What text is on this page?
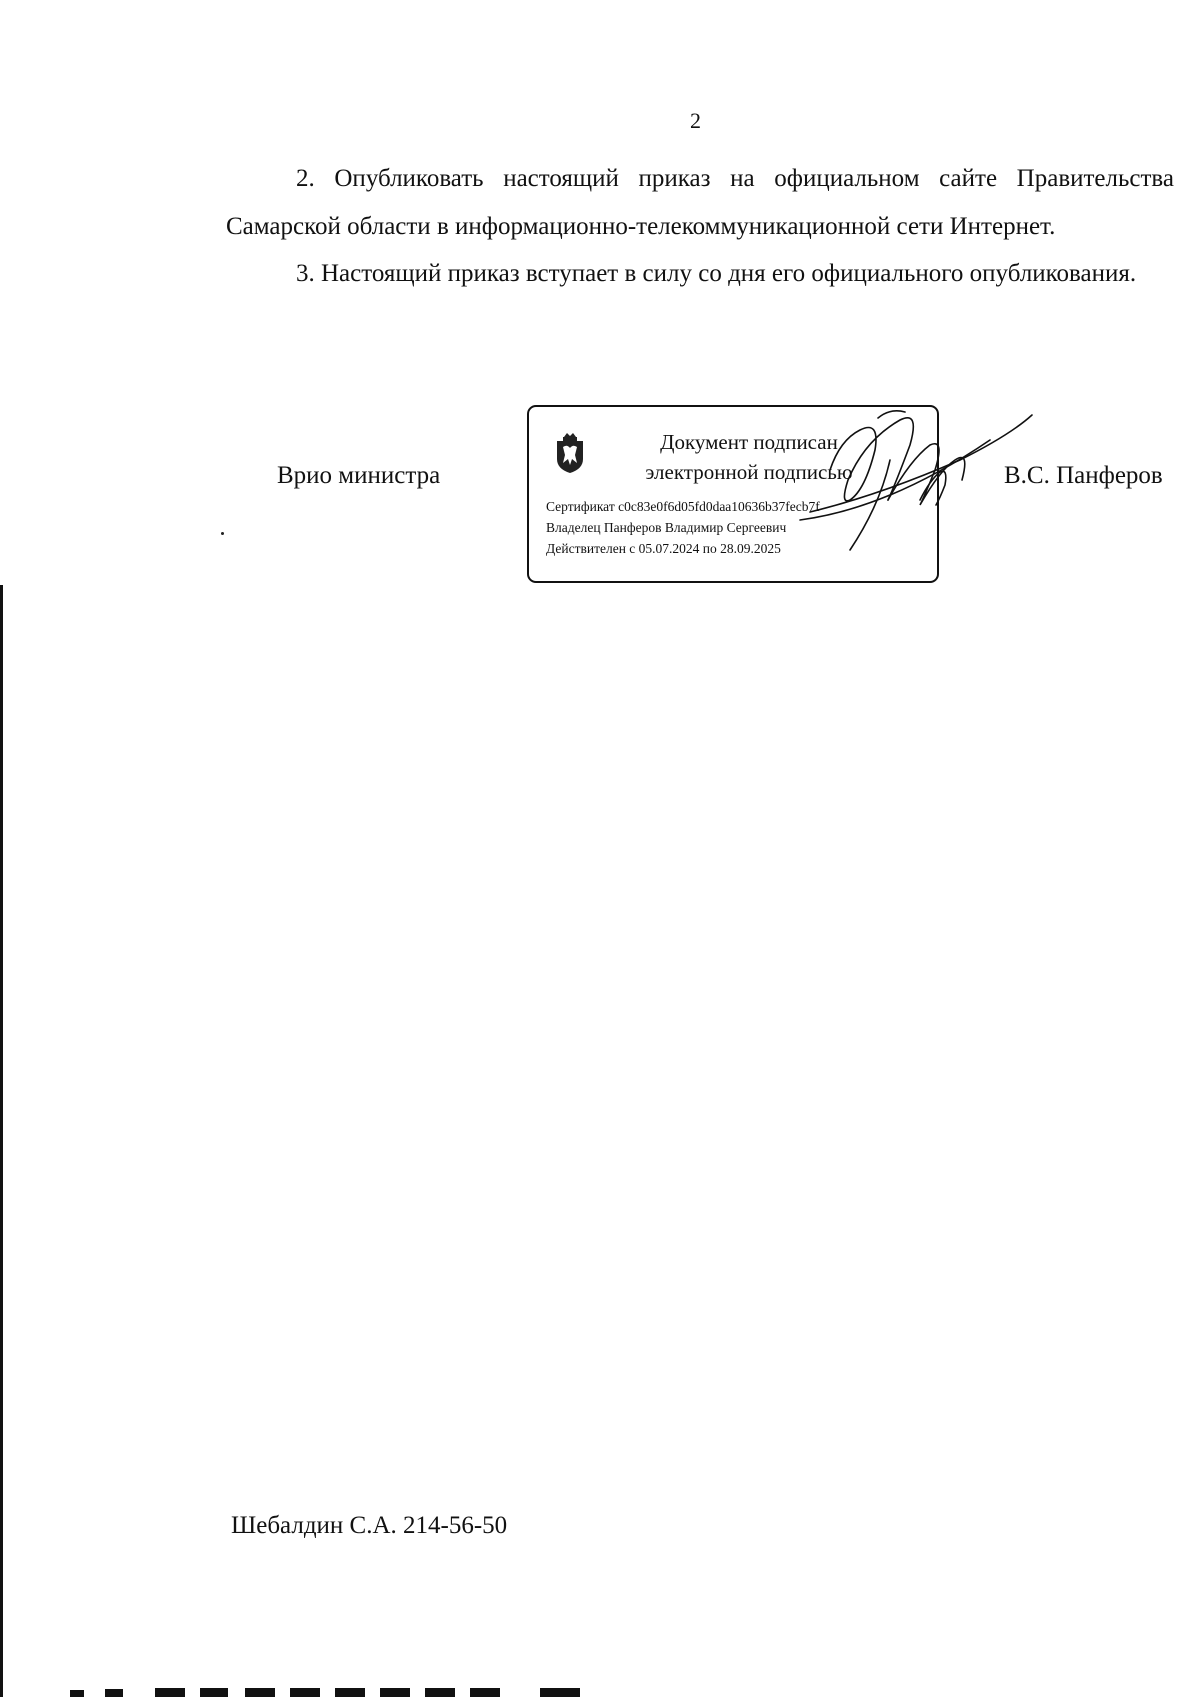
2

2. Опубликовать настоящий приказ на официальном сайте Правительства Самарской области в информационно-телекоммуникационной сети Интернет.

3. Настоящий приказ вступает в силу со дня его официального опубликования.

Врио министра
Документ подписан
электронной подписью
Сертификат c0c83e0f6d05fd0daa10636b37fecb7f
Владелец Панферов Владимир Сергеевич
Действителен с 05.07.2024 по 28.09.2025
В.С. Панферов
Шебалдин С.А. 214-56-50
